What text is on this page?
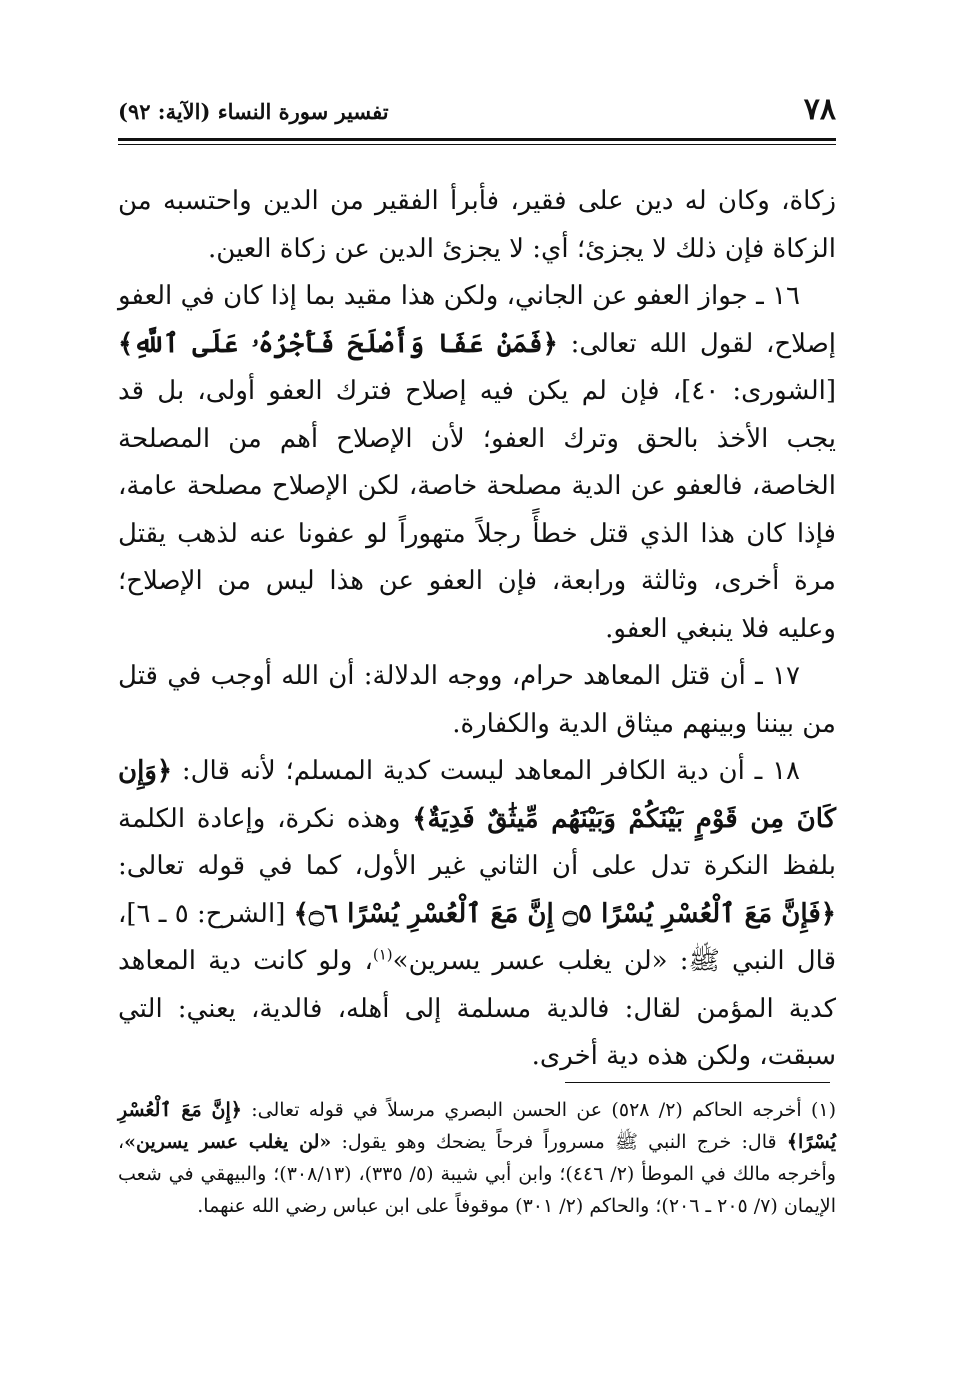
٧٨
تفسير سورة النساء (الآية: ٩٢)

زكاة، وكان له دين على فقير، فأبرأ الفقير من الدين واحتسبه من الزكاة فإن ذلك لا يجزئ؛ أي: لا يجزئ الدين عن زكاة العين.

١٦ ـ جواز العفو عن الجاني، ولكن هذا مقيد بما إذا كان في العفو إصلاح، لقول الله تعالى: ﴿فَمَنْ عَفَا وَأَصْلَحَ فَأَجْرُهُۥ عَلَى ٱللَّهِ﴾ [الشورى: ٤٠]، فإن لم يكن فيه إصلاح فترك العفو أولى، بل قد يجب الأخذ بالحق وترك العفو؛ لأن الإصلاح أهم من المصلحة الخاصة، فالعفو عن الدية مصلحة خاصة، لكن الإصلاح مصلحة عامة، فإذا كان هذا الذي قتل خطأً رجلاً متهوراً لو عفونا عنه لذهب يقتل مرة أخرى، وثالثة ورابعة، فإن العفو عن هذا ليس من الإصلاح؛ وعليه فلا ينبغي العفو.

١٧ ـ أن قتل المعاهد حرام، ووجه الدلالة: أن الله أوجب في قتل من بيننا وبينهم ميثاق الدية والكفارة.

١٨ ـ أن دية الكافر المعاهد ليست كدية المسلم؛ لأنه قال: ﴿وَإِن كَانَ مِن قَوْمٍ بَيْنَكُمْ وَبَيْنَهُم مِّيثَٰقٌ فَدِيَةٌ﴾ وهذه نكرة، وإعادة الكلمة بلفظ النكرة تدل على أن الثاني غير الأول، كما في قوله تعالى: ﴿فَإِنَّ مَعَ ٱلْعُسْرِ يُسْرًا ۝٥ إِنَّ مَعَ ٱلْعُسْرِ يُسْرًا ۝٦﴾ [الشرح: ٥ ـ ٦]، قال النبي ﷺ: «لن يغلب عسر يسرين»$^{(١)}$، ولو كانت دية المعاهد كدية المؤمن لقال: فالدية مسلمة إلى أهله، فالدية، يعني: التي سبقت، ولكن هذه دية أخرى.

(١) أخرجه الحاكم (٢/ ٥٢٨) عن الحسن البصري مرسلاً في قوله تعالى: ﴿إِنَّ مَعَ ٱلْعُسْرِ يُسْرًا﴾ قال: خرج النبي ﷺ مسروراً فرحاً يضحك وهو يقول: «لن يغلب عسر يسرين»، وأخرجه مالك في الموطأ (٢/ ٤٤٦)؛ وابن أبي شيبة (٥/ ٣٣٥)، (٣٠٨/١٣)؛ والبيهقي في شعب الإيمان (٧/ ٢٠٥ ـ ٢٠٦)؛ والحاكم (٢/ ٣٠١) موقوفاً على ابن عباس رضي الله عنهما.
